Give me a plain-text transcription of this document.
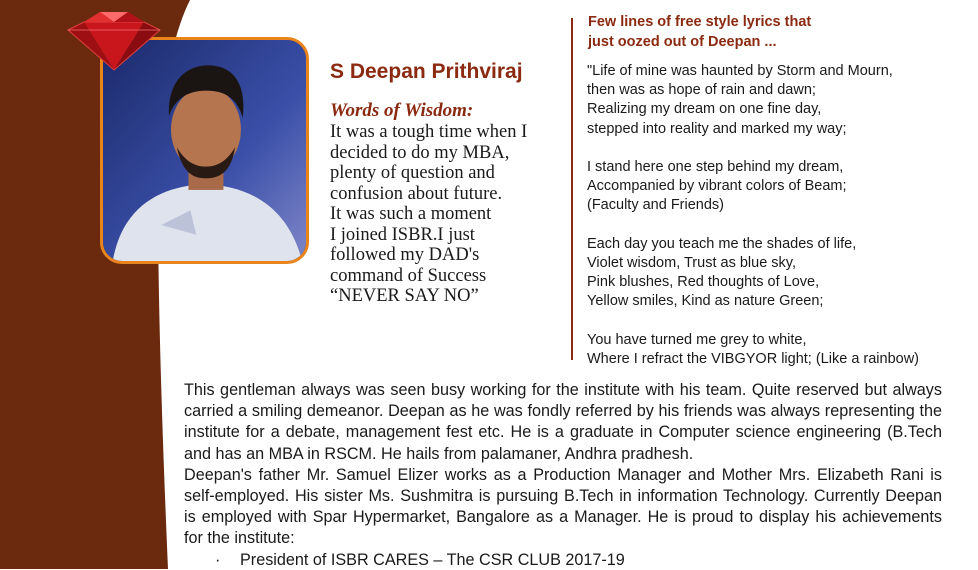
S Deepan Prithviraj
Words of Wisdom:
It was a tough time when I
decided to do my MBA,
plenty of question and
confusion about future.
It was such a moment
I joined ISBR.I just
followed my DAD's
command of Success
“NEVER SAY NO”
Few lines of free style lyrics that
just oozed out of Deepan ...
"Life of mine was haunted by Storm and Mourn,
then was as hope of rain and dawn;
Realizing my dream on one fine day,
stepped into reality and marked my way;
I stand here one step behind my dream,
Accompanied by vibrant colors of Beam;
(Faculty and Friends)
Each day you teach me the shades of life,
Violet wisdom, Trust as blue sky,
Pink blushes, Red thoughts of Love,
Yellow smiles, Kind as nature Green;
You have turned me grey to white,
Where I refract the VIBGYOR light; (Like a rainbow)

This gentleman always was seen busy working for the institute with his team. Quite reserved but always carried a smiling demeanor. Deepan as he was fondly referred by his friends was always representing the institute for a debate, management fest etc. He is a graduate in Computer science engineering (B.Tech and has an MBA in RSCM. He hails from palamaner, Andhra pradhesh.

Deepan's father Mr. Samuel Elizer works as a Production Manager and Mother Mrs. Elizabeth Rani is self-employed. His sister Ms. Sushmitra is pursuing B.Tech in information Technology. Currently Deepan is employed with Spar Hypermarket, Bangalore as a Manager. He is proud to display his achievements for the institute:

· President of ISBR CARES – The CSR CLUB 2017-19
